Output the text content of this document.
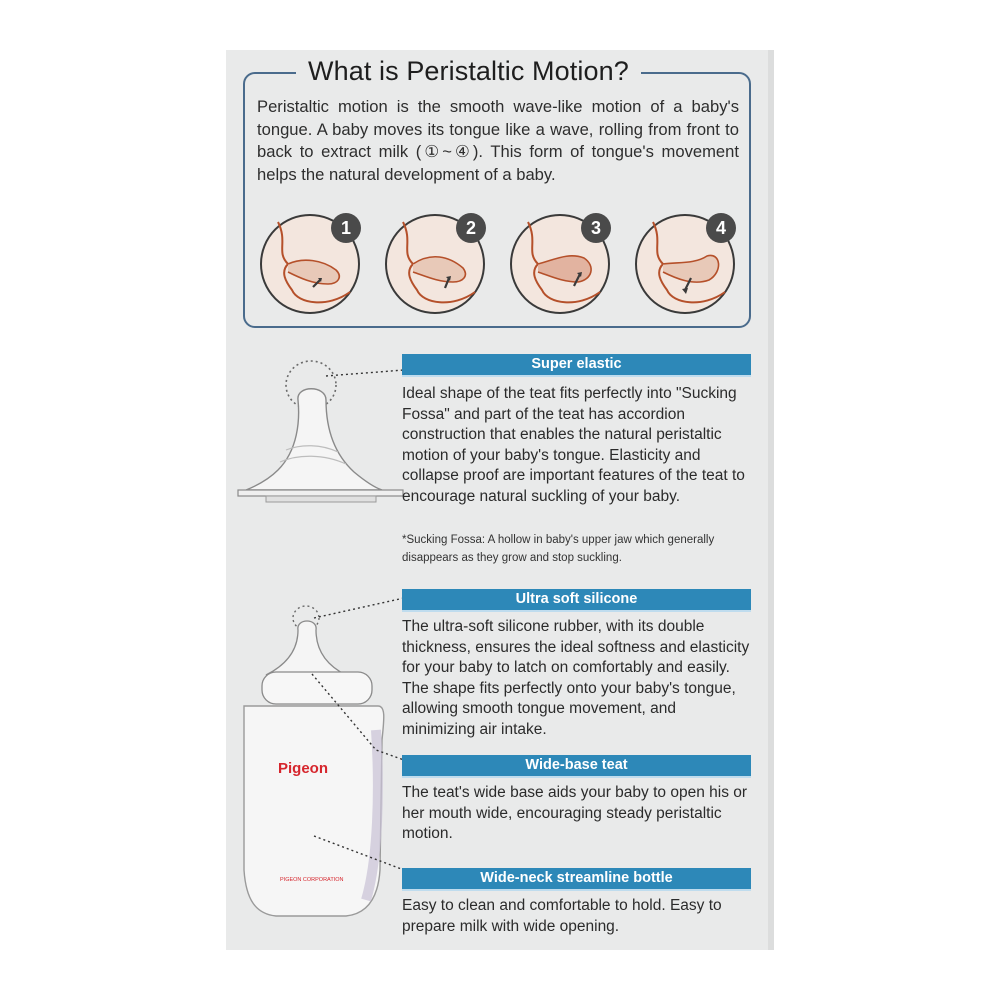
What is Peristaltic Motion?
Peristaltic motion is the smooth wave-like motion of a baby's tongue. A baby moves its tongue like a wave, rolling from front to back to extract milk (①~④). This form of tongue's movement helps the natural development of a baby.
1	2	3	4
Pigeon
PIGEON CORPORATION
Super elastic
Ideal shape of the teat fits perfectly into "Sucking Fossa" and part of the teat has accordion construction that enables the natural peristaltic motion of your baby's tongue. Elasticity and collapse proof are important features of the teat to encourage natural suckling of your baby.
*Sucking Fossa: A hollow in baby's upper jaw which generally disappears as they grow and stop suckling.
Ultra soft silicone
The ultra-soft silicone rubber, with its double thickness, ensures the ideal softness and elasticity for your baby to latch on comfortably and easily. The shape fits perfectly onto your baby's tongue, allowing smooth tongue movement, and minimizing air intake.
Wide-base teat
The teat's wide base aids your baby to open his or her mouth wide, encouraging steady peristaltic motion.
Wide-neck streamline bottle
Easy to clean and comfortable to hold. Easy to prepare milk with wide opening.
